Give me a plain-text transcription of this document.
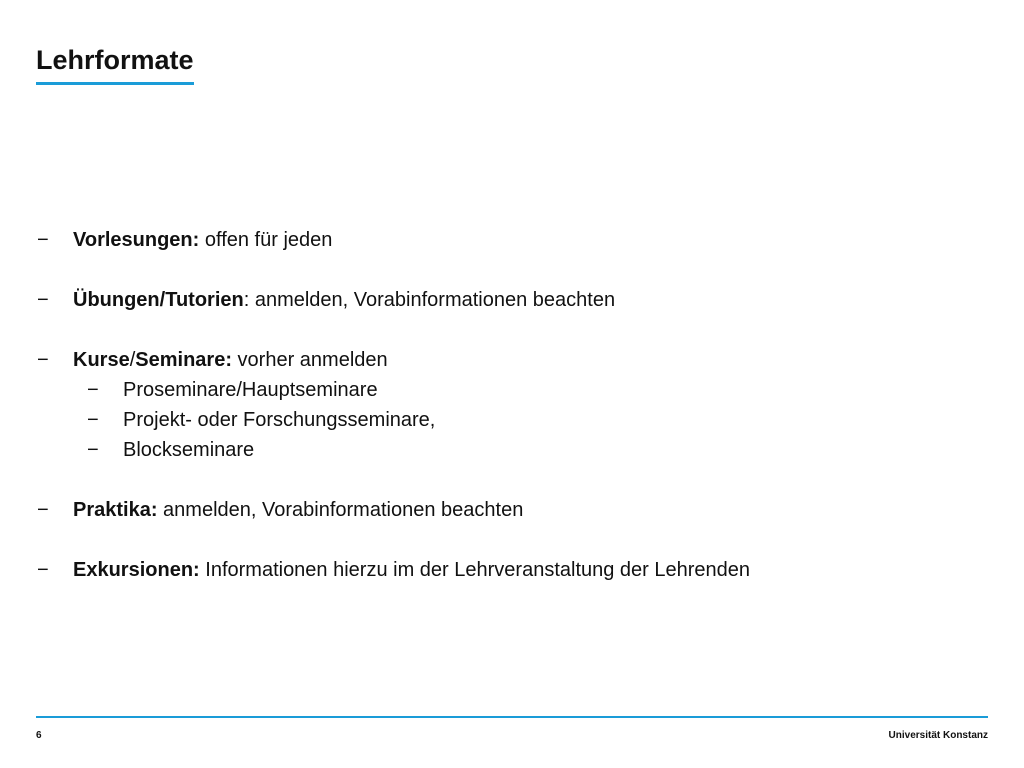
Lehrformate
−	Vorlesungen: offen für jeden
−	Übungen/Tutorien: anmelden, Vorabinformationen beachten
−	Kurse/Seminare: vorher anmelden
−	Proseminare/Hauptseminare
−	Projekt- oder Forschungsseminare,
−	Blockseminare
−	Praktika: anmelden, Vorabinformationen beachten
−	Exkursionen: Informationen hierzu im der Lehrveranstaltung der Lehrenden
6	Universität Konstanz
